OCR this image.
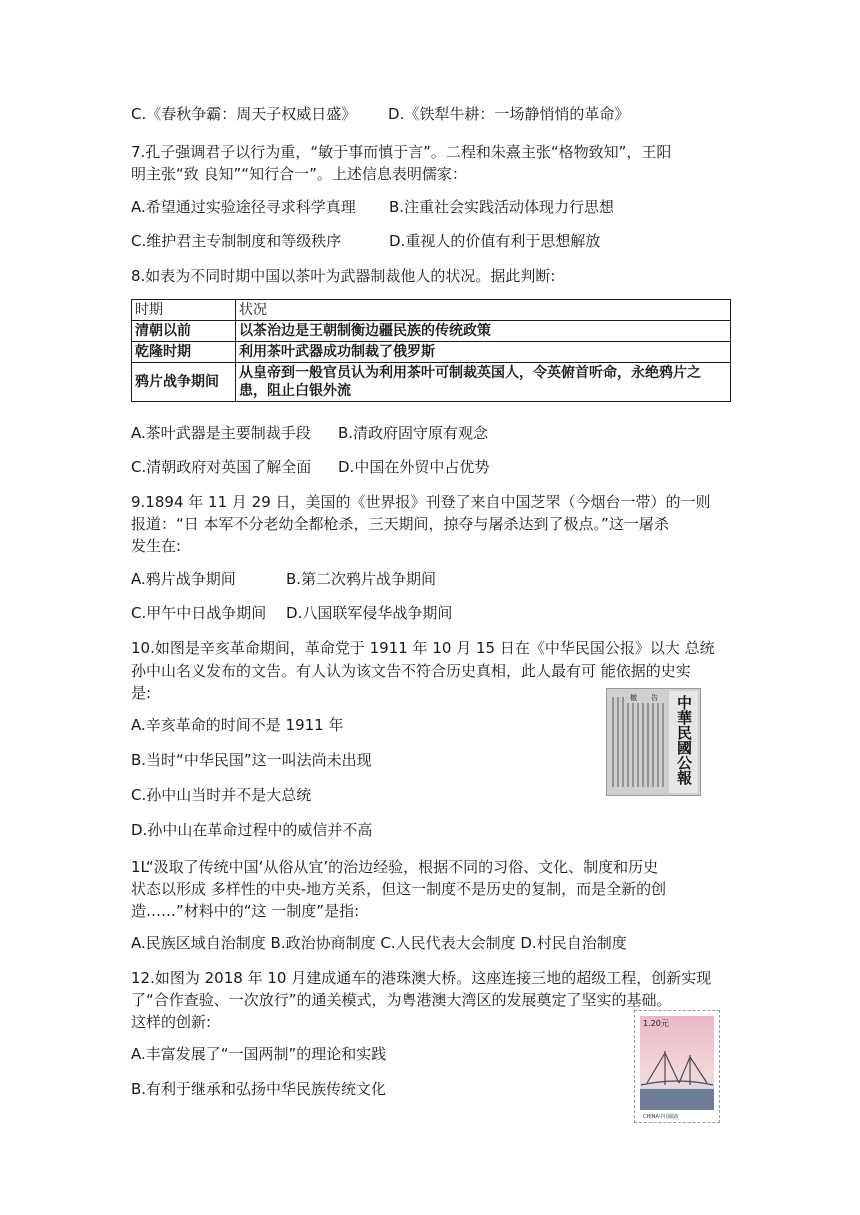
C.《春秋争霸：周天子权威日盛》	D.《铁犁牛耕：一场静悄悄的革命》
7.孔子强调君子以行为重，“敏于事而慎于言”。二程和朱熹主张“格物致知”，王阳
明主张“致 良知”“知行合一”。上述信息表明儒家：
A.希望通过实验途径寻求科学真理	B.注重社会实践活动体现力行思想
C.维护君主专制制度和等级秩序	D.重视人的价值有利于思想解放
8.如表为不同时期中国以茶叶为武器制裁他人的状况。据此判断:
时期	状况
清朝以前	以茶治边是王朝制衡边疆民族的传统政策
乾隆时期	利用茶叶武器成功制裁了俄罗斯
鸦片战争期间	从皇帝到一般官员认为利用茶叶可制裁英国人，令英俯首听命，永绝鸦片之患，阻止白银外流
A.茶叶武器是主要制裁手段	B.清政府固守原有观念
C.清朝政府对英国了解全面	D.中国在外贸中占优势
9.1894 年 11 月 29 日，美国的《世界报》刊登了来自中国芝罘（今烟台一带）的一则
报道：“日 本军不分老幼全都枪杀，三天期间，掠夺与屠杀达到了极点。”这一屠杀
发生在:
A.鸦片战争期间	B.第二次鸦片战争期间
C.甲午中日战争期间	D.八国联军侵华战争期间
10.如图是辛亥革命期间，革命党于 1911 年 10 月 15 日在《中华民国公报》以大 总统
孙中山名义发布的文告。有人认为该文告不符合历史真相，此人最有可 能依据的史实
是:
A.辛亥革命的时间不是 1911 年
B.当时“中华民国”这一叫法尚未出现
C.孙中山当时并不是大总统
D.孙中山在革命过程中的威信并不高
檄 告 中華民國公報
1L“汲取了传统中国‘从俗从宜’的治边经验，根据不同的习俗、文化、制度和历史
状态以形成 多样性的中央-地方关系，但这一制度不是历史的复制，而是全新的创
造……”材料中的“这 一制度”是指:
A.民族区域自治制度 B.政治协商制度 C.人民代表大会制度 D.村民自治制度
12.如图为 2018 年 10 月建成通车的港珠澳大桥。这座连接三地的超级工程，创新实现
了“合作查验、一次放行”的通关模式，为粤港澳大湾区的发展奠定了坚实的基础。
这样的创新:
A.丰富发展了“一国两制”的理论和实践
B.有利于继承和弘扬中华民族传统文化
1.20元
CHINA中国邮政
